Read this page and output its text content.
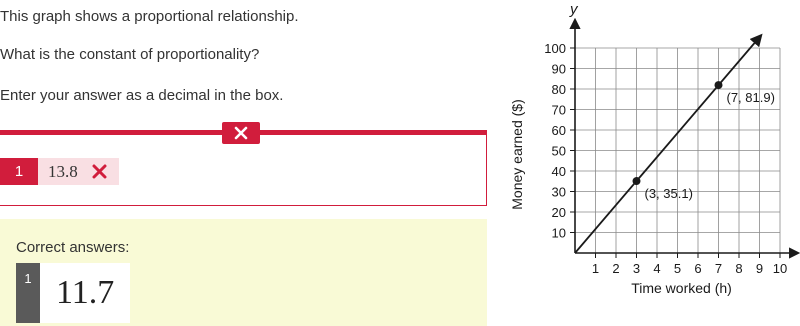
This graph shows a proportional relationship.
What is the constant of proportionality?
Enter your answer as a decimal in the box.
1	13.8
Correct answers:
1 11.7
1 2 3 4 5 6 7 8 9 10
10
20
30
40
50
60
70
80
90
100
(3, 35.1)
(7, 81.9)
y
Time worked (h)
Money earned ($)
